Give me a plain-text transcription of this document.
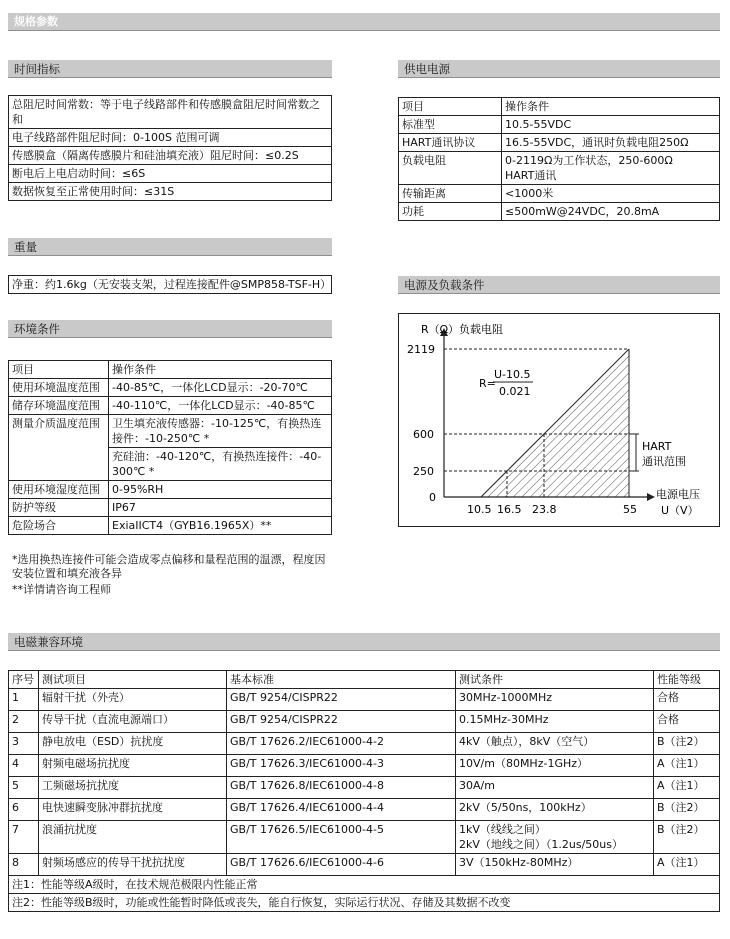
规格参数
时间指标
总阻尼时间常数：等于电子线路部件和传感膜盒阻尼时间常数之和
电子线路部件阻尼时间：0-100S 范围可调
传感膜盒（隔离传感膜片和硅油填充液）阻尼时间：≤0.2S
断电后上电启动时间：≤6S
数据恢复至正常使用时间：≤31S
重量
净重：约1.6kg（无安装支架，过程连接配件@SMP858-TSF-H）
环境条件
项目	操作条件
使用环境温度范围	-40-85℃，一体化LCD显示：-20-70℃
储存环境温度范围	-40-110℃，一体化LCD显示：-40-85℃
测量介质温度范围	卫生填充液传感器：-10-125℃，有换热连接件：-10-250℃ *
	充硅油：-40-120℃，有换热连接件：-40-300℃ *
使用环境湿度范围	0-95%RH
防护等级	IP67
危险场合	ExiaIICT4（GYB16.1965X）**
*选用换热连接件可能会造成零点偏移和量程范围的温漂，程度因安装位置和填充液各异
**详情请咨询工程师
供电电源
项目	操作条件
标准型	10.5-55VDC
HART通讯协议	16.5-55VDC，通讯时负载电阻250Ω
负载电阻	0-2119Ω为工作状态，250-600Ω
HART通讯
传输距离	<1000米
功耗	≤500mW@24VDC，20.8mA
电源及负载条件
R（Ω）负载电阻
2119
600
250
0
10.5 16.5 23.8	55
电源电压
U（V）
R=
U-10.5
0.021
HART
通讯范围
电磁兼容环境
序号	测试项目	基本标准	测试条件	性能等级
1	辐射干扰（外壳）	GB/T 9254/CISPR22	30MHz-1000MHz	合格
2	传导干扰（直流电源端口）	GB/T 9254/CISPR22	0.15MHz-30MHz	合格
3	静电放电（ESD）抗扰度	GB/T 17626.2/IEC61000-4-2	4kV（触点），8kV（空气）	B（注2）
4	射频电磁场抗扰度	GB/T 17626.3/IEC61000-4-3	10V/m（80MHz-1GHz）	A（注1）
5	工频磁场抗扰度	GB/T 17626.8/IEC61000-4-8	30A/m	A（注1）
6	电快速瞬变脉冲群抗扰度	GB/T 17626.4/IEC61000-4-4	2kV（5/50ns，100kHz）	B（注2）
7	浪涌抗扰度	GB/T 17626.5/IEC61000-4-5	1kV（线线之间）
2kV（地线之间）（1.2us/50us）	B（注2）
8	射频场感应的传导干扰抗扰度	GB/T 17626.6/IEC61000-4-6	3V（150kHz-80MHz）	A（注1）
注1：性能等级A级时，在技术规范极限内性能正常				
注2：性能等级B级时，功能或性能暂时降低或丧失，能自行恢复，实际运行状况、存储及其数据不改变				
